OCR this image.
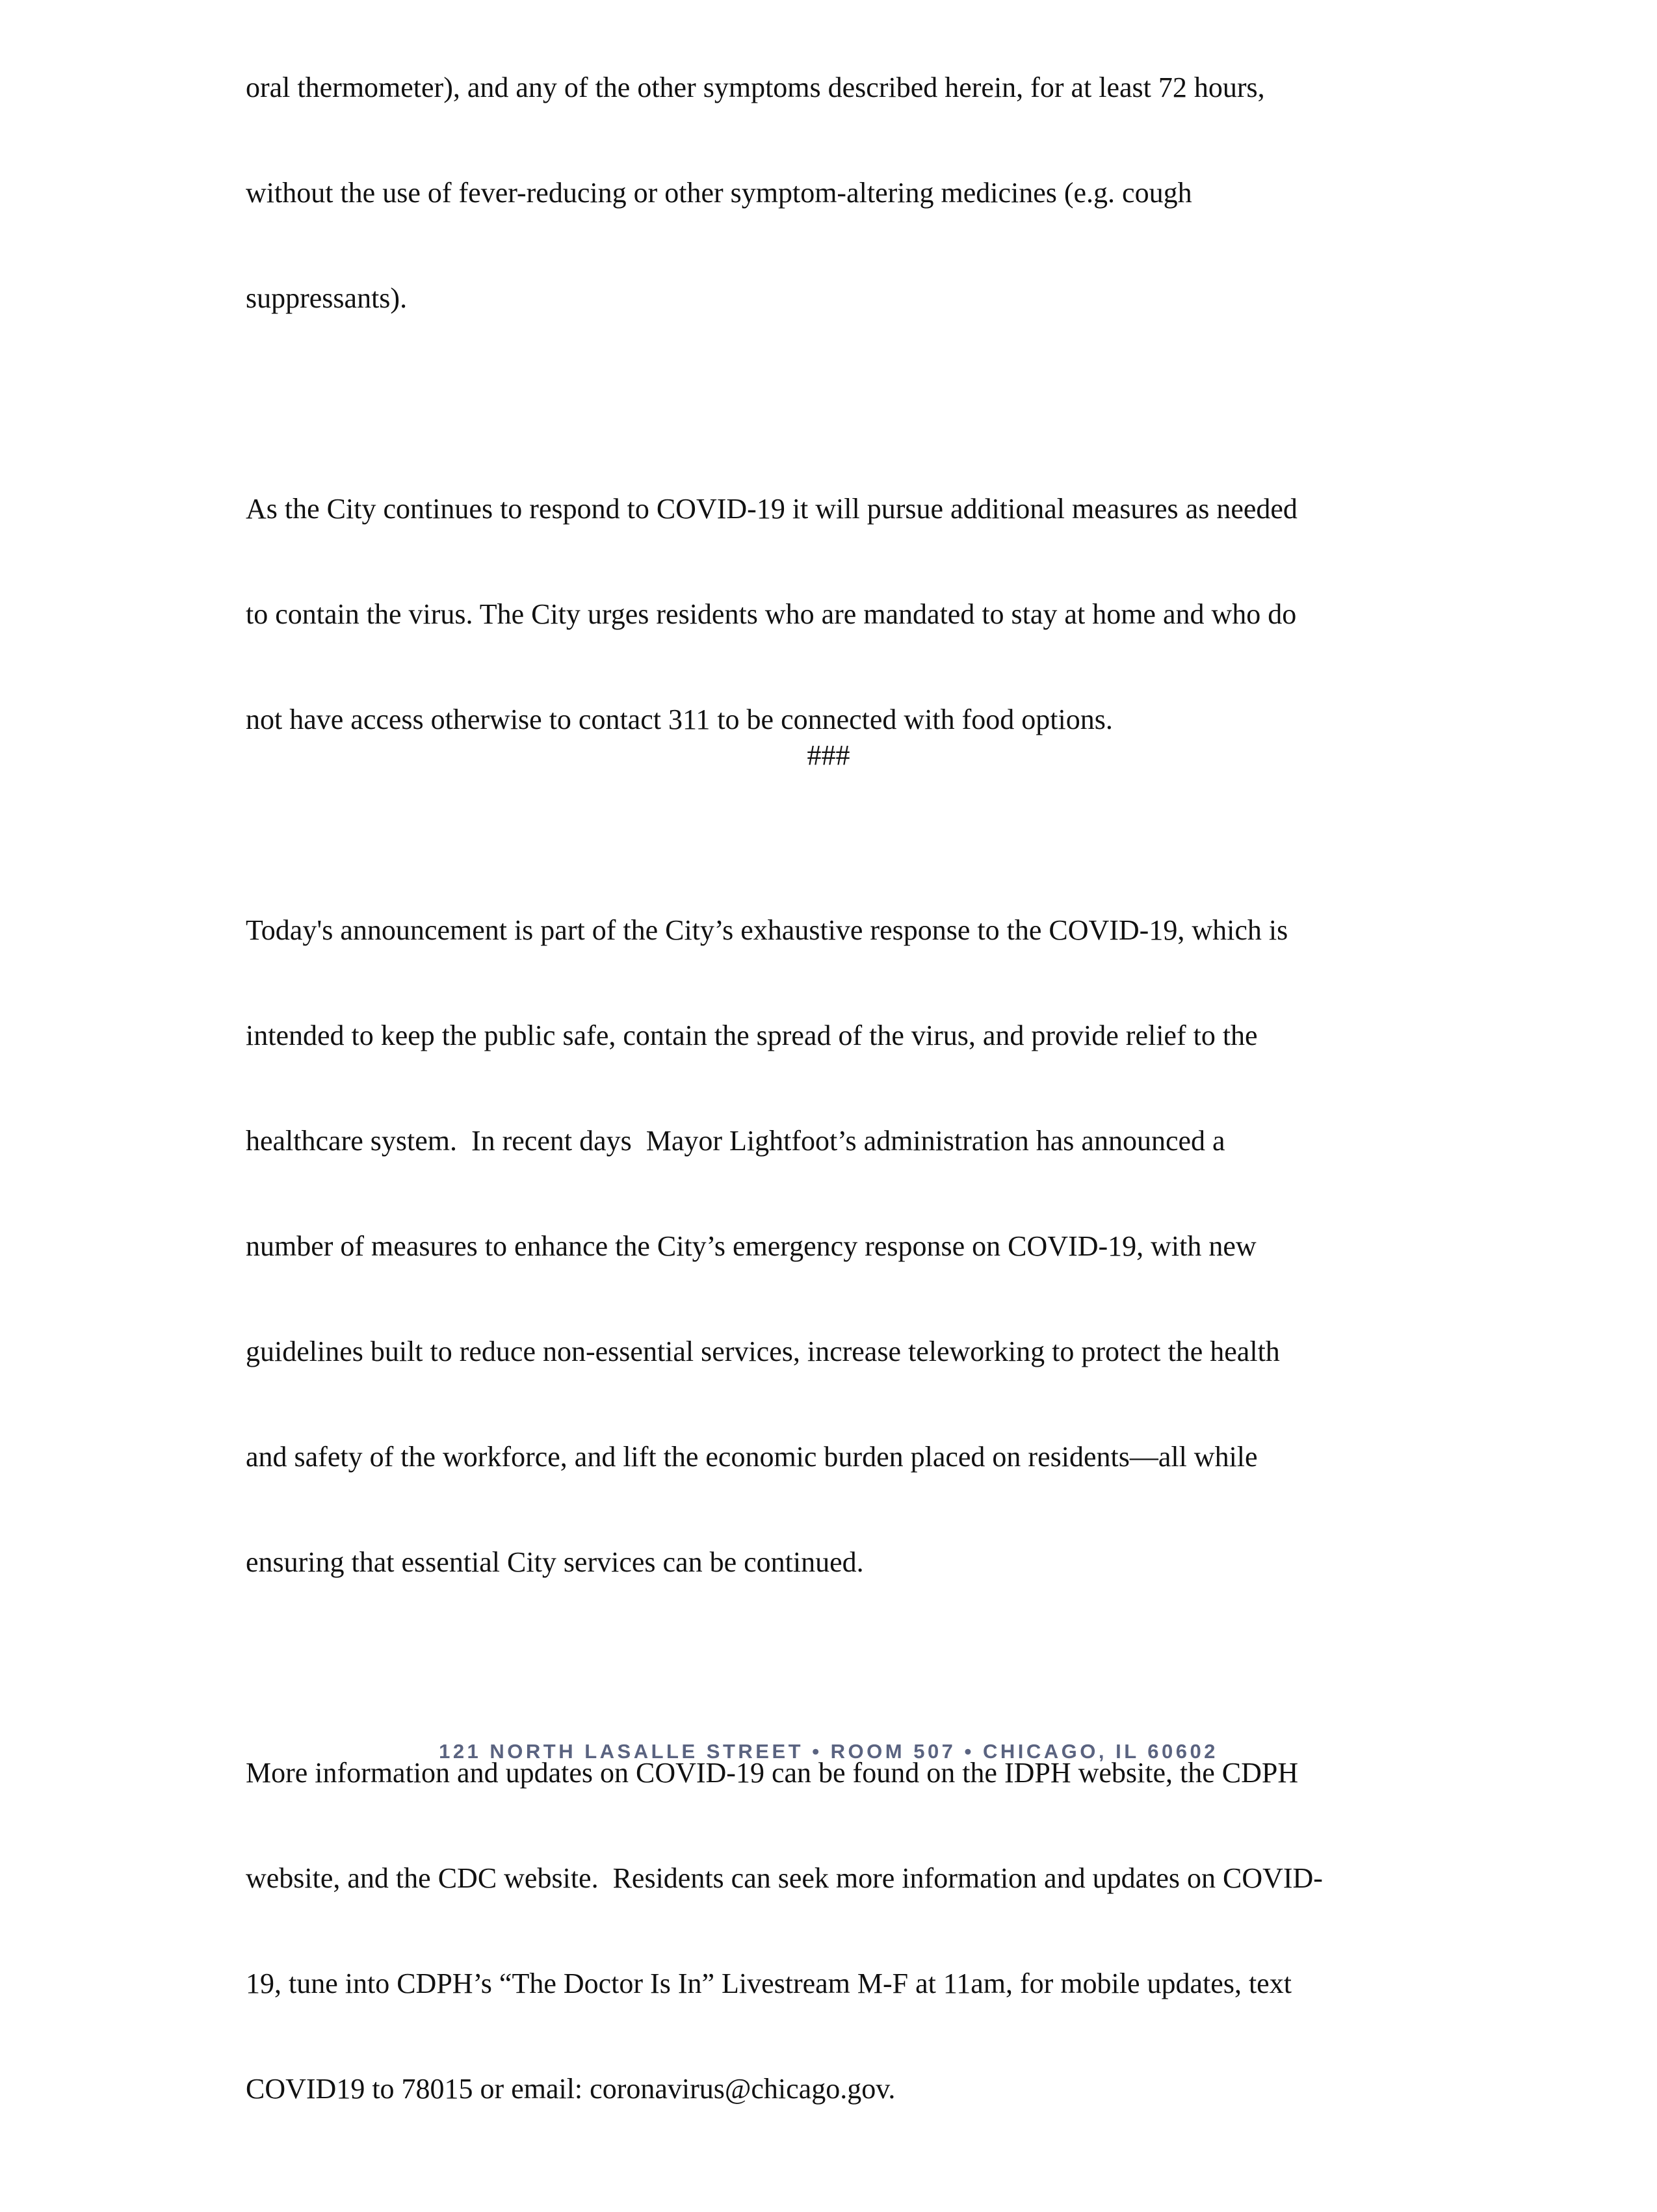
oral thermometer), and any of the other symptoms described herein, for at least 72 hours,

without the use of fever-reducing or other symptom-altering medicines (e.g. cough

suppressants).

As the City continues to respond to COVID-19 it will pursue additional measures as needed

to contain the virus. The City urges residents who are mandated to stay at home and who do

not have access otherwise to contact 311 to be connected with food options.

Today's announcement is part of the City’s exhaustive response to the COVID-19, which is

intended to keep the public safe, contain the spread of the virus, and provide relief to the

healthcare system.  In recent days  Mayor Lightfoot’s administration has announced a

number of measures to enhance the City’s emergency response on COVID-19, with new

guidelines built to reduce non-essential services, increase teleworking to protect the health

and safety of the workforce, and lift the economic burden placed on residents—all while

ensuring that essential City services can be continued.

More information and updates on COVID-19 can be found on the IDPH website, the CDPH

website, and the CDC website.  Residents can seek more information and updates on COVID-

19, tune into CDPH’s “The Doctor Is In” Livestream M-F at 11am, for mobile updates, text

COVID19 to 78015 or email: coronavirus@chicago.gov.

###
121 NORTH LASALLE STREET • ROOM 507 • CHICAGO, IL 60602
